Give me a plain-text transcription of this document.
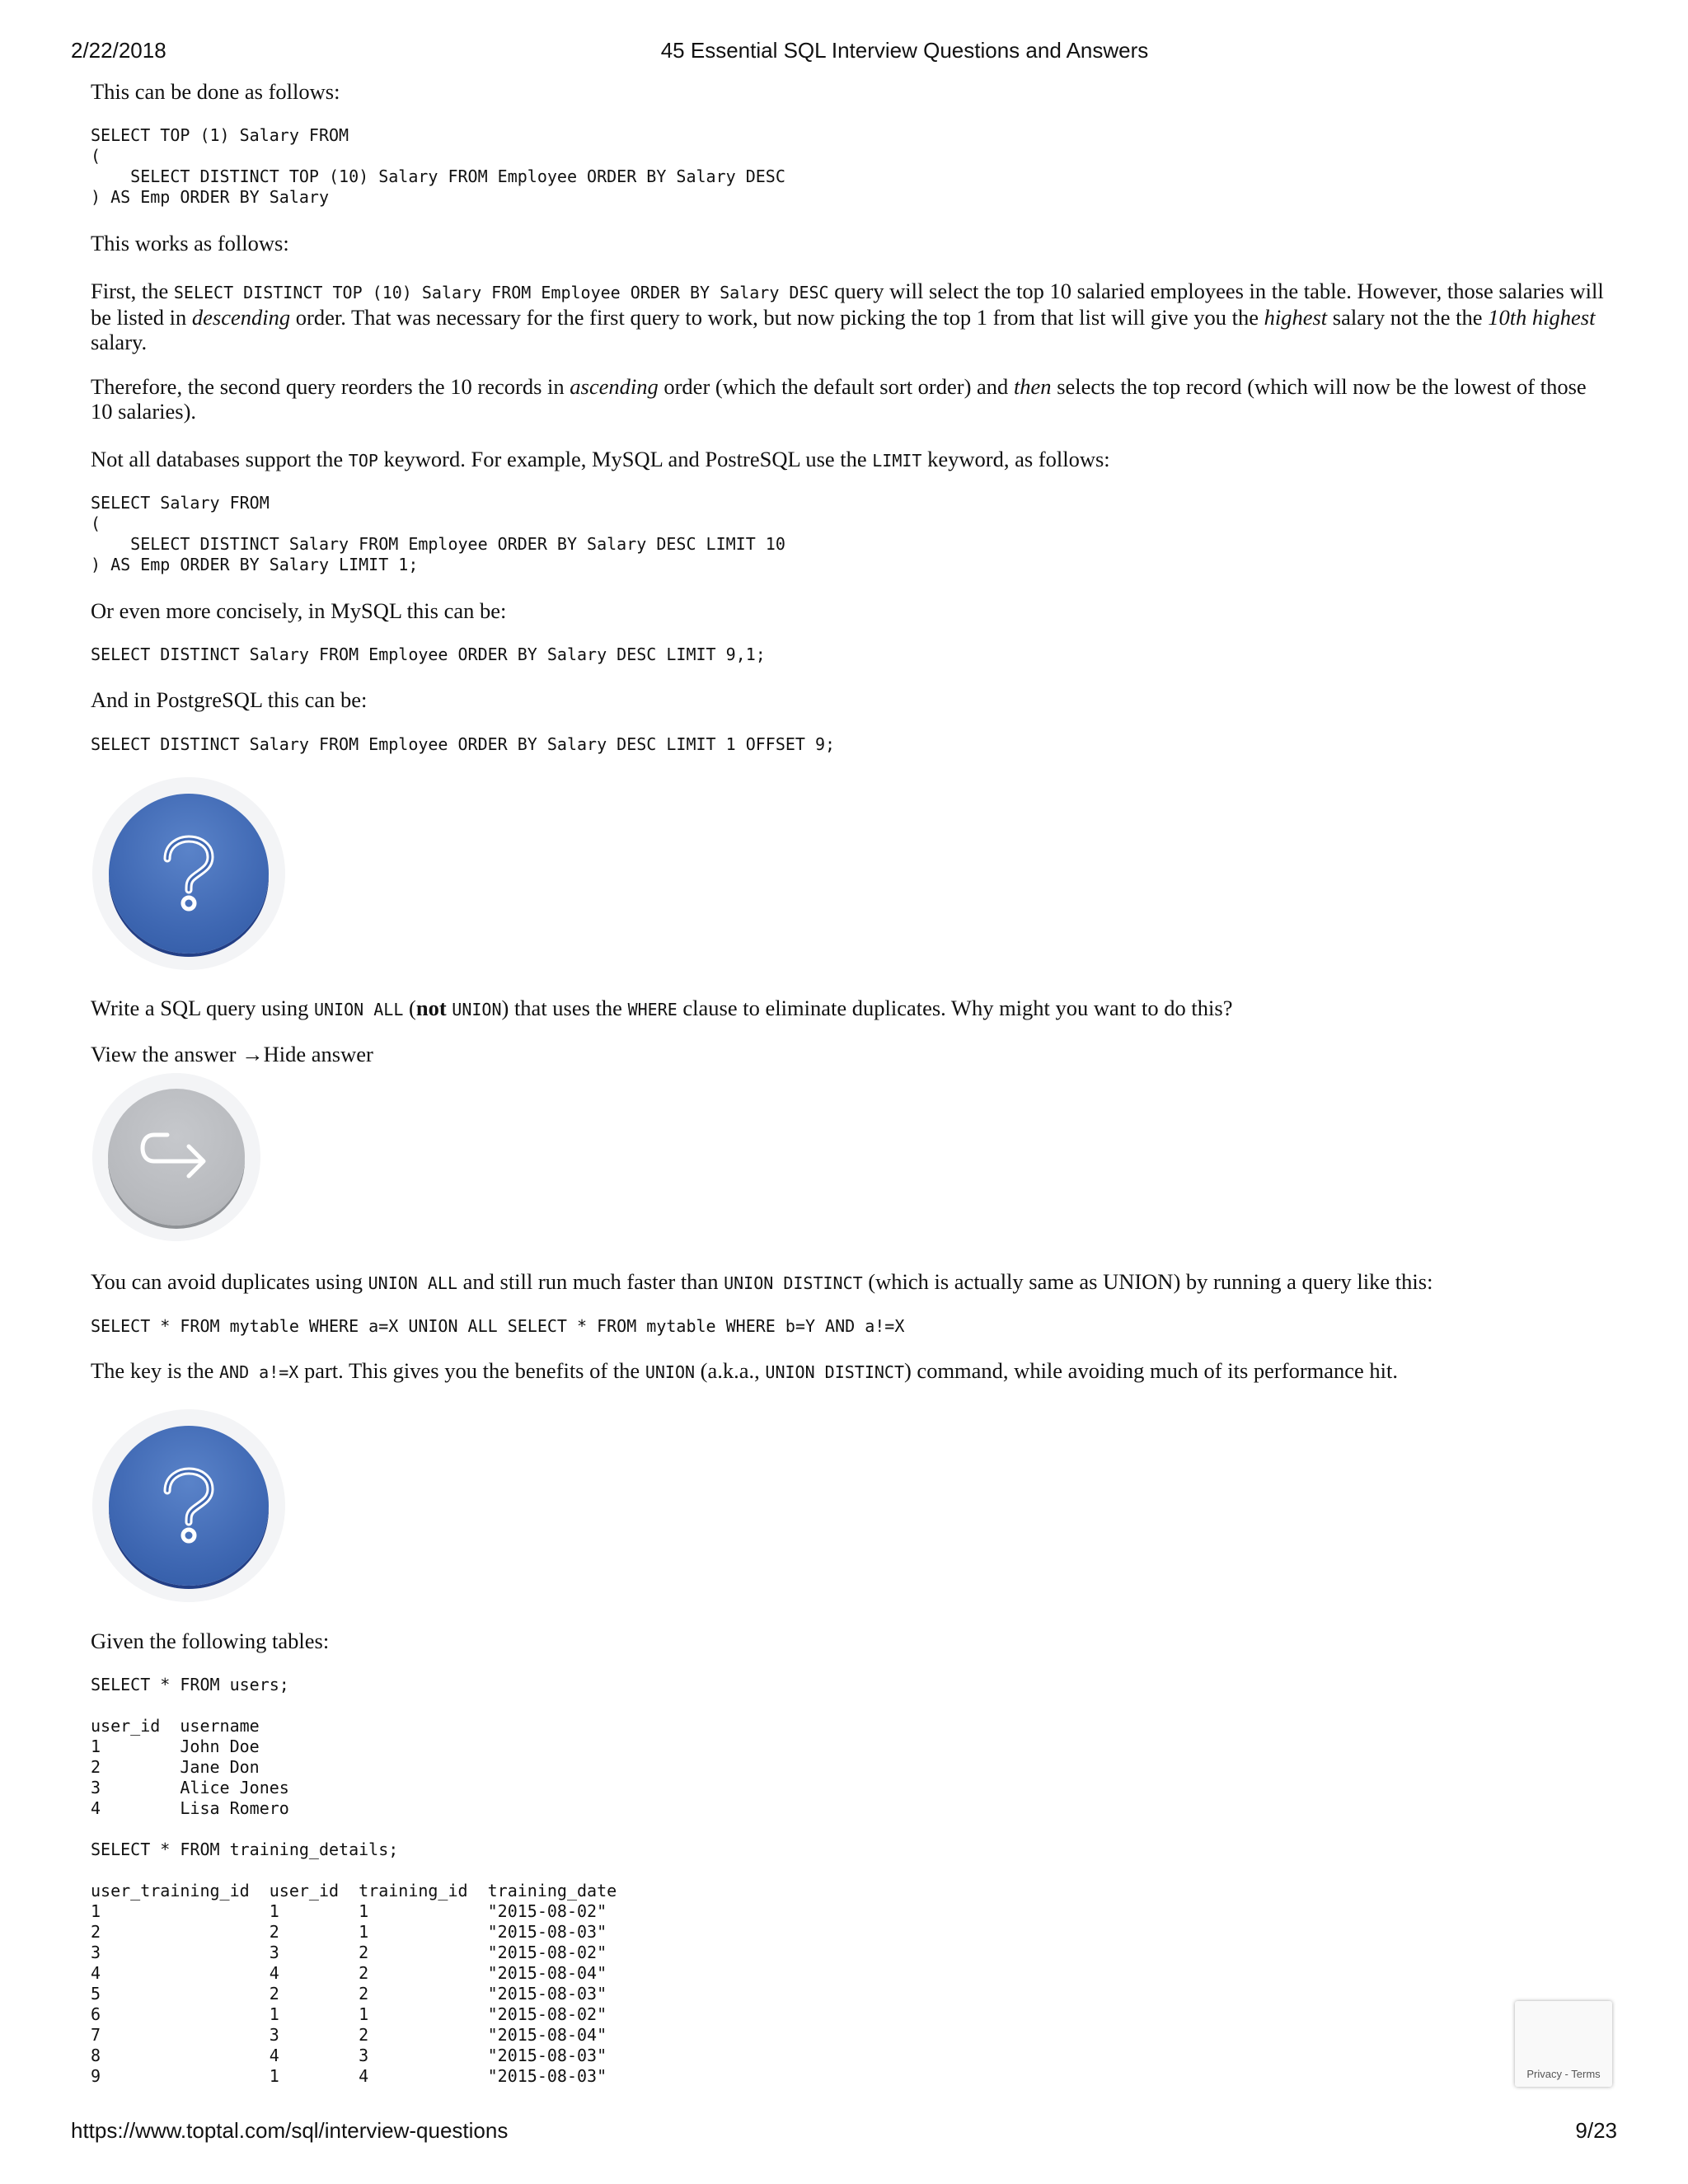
2/22/2018	45 Essential SQL Interview Questions and Answers

This can be done as follows:

SELECT TOP (1) Salary FROM
(
SELECT DISTINCT TOP (10) Salary FROM Employee ORDER BY Salary DESC
) AS Emp ORDER BY Salary

This works as follows:

First, the SELECT DISTINCT TOP (10) Salary FROM Employee ORDER BY Salary DESC query will select the top 10 salaried employees in the table. However, those salaries will be listed in descending order. That was necessary for the first query to work, but now picking the top 1 from that list will give you the highest salary not the the 10th highest salary.

Therefore, the second query reorders the 10 records in ascending order (which the default sort order) and then selects the top record (which will now be the lowest of those 10 salaries).

Not all databases support the TOP keyword. For example, MySQL and PostreSQL use the LIMIT keyword, as follows:

SELECT Salary FROM
(
SELECT DISTINCT Salary FROM Employee ORDER BY Salary DESC LIMIT 10
) AS Emp ORDER BY Salary LIMIT 1;

Or even more concisely, in MySQL this can be:

SELECT DISTINCT Salary FROM Employee ORDER BY Salary DESC LIMIT 9,1;

And in PostgreSQL this can be:

SELECT DISTINCT Salary FROM Employee ORDER BY Salary DESC LIMIT 1 OFFSET 9;

Write a SQL query using UNION ALL (not UNION) that uses the WHERE clause to eliminate duplicates. Why might you want to do this?

View the answer →Hide answer

You can avoid duplicates using UNION ALL and still run much faster than UNION DISTINCT (which is actually same as UNION) by running a query like this:

SELECT * FROM mytable WHERE a=X UNION ALL SELECT * FROM mytable WHERE b=Y AND a!=X

The key is the AND a!=X part. This gives you the benefits of the UNION (a.k.a., UNION DISTINCT) command, while avoiding much of its performance hit.

Given the following tables:

SELECT * FROM users;

user_id  username
1        John Doe
2        Jane Don
3        Alice Jones
4        Lisa Romero

SELECT * FROM training_details;

user_training_id  user_id  training_id  training_date
1                 1        1            "2015-08-02"
2                 2        1            "2015-08-03"
3                 3        2            "2015-08-02"
4                 4        2            "2015-08-04"
5                 2        2            "2015-08-03"
6                 1        1            "2015-08-02"
7                 3        2            "2015-08-04"
8                 4        3            "2015-08-03"
9                 1        4            "2015-08-03"	Privacy - Terms
https://www.toptal.com/sql/interview-questions	9/23
